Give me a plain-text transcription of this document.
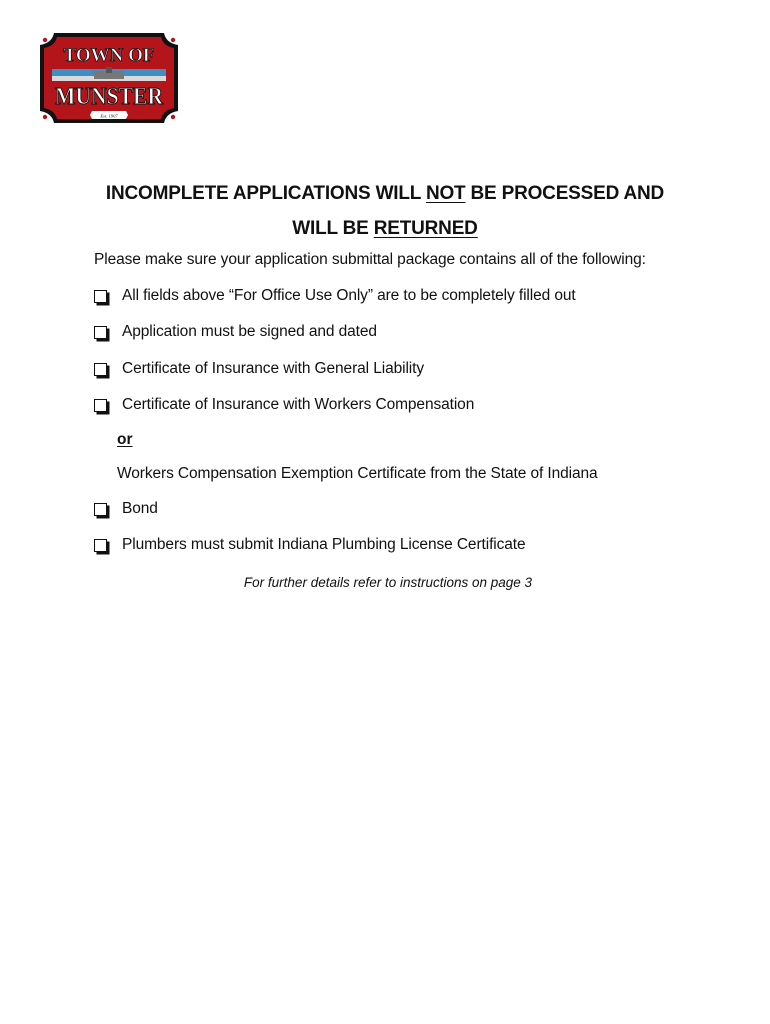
TOWN OF
MUNSTER
Est. 1907
INCOMPLETE APPLICATIONS WILL NOT BE PROCESSED AND
WILL BE RETURNED
Please make sure your application submittal package contains all of the following:
All fields above “For Office Use Only” are to be completely filled out
Application must be signed and dated
Certificate of Insurance with General Liability
Certificate of Insurance with Workers Compensation
or
Workers Compensation Exemption Certificate from the State of Indiana
Bond
Plumbers must submit Indiana Plumbing License Certificate
For further details refer to instructions on page 3
